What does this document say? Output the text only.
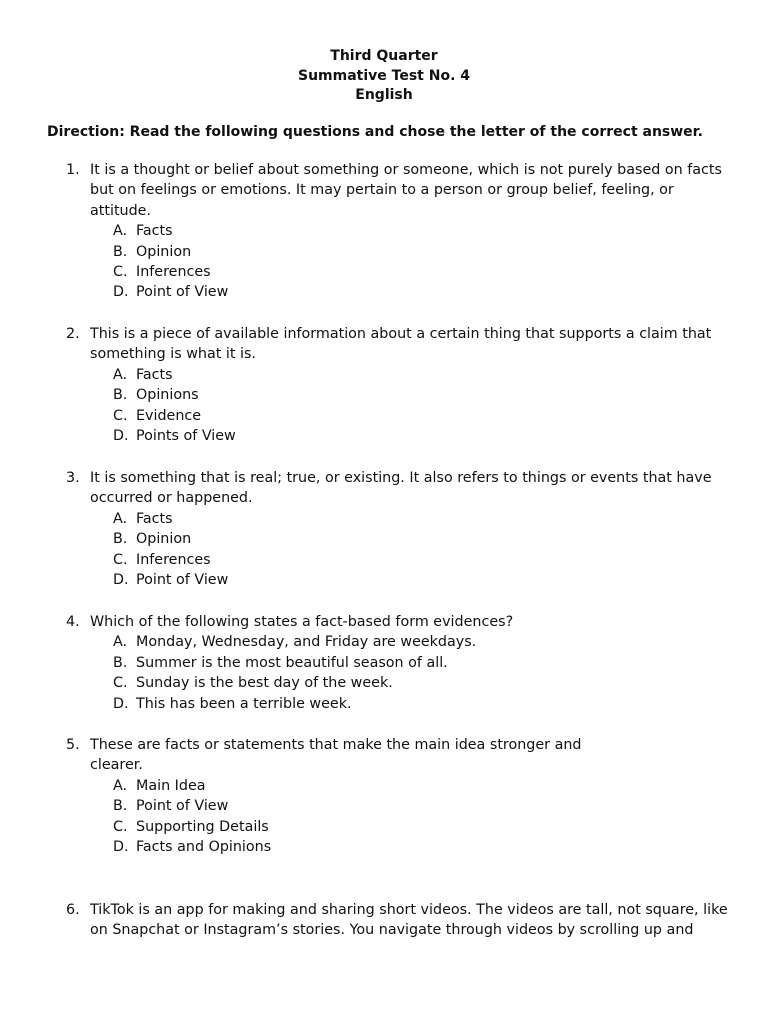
Third Quarter
Summative Test No. 4
English
Direction: Read the following questions and chose the letter of the correct answer.
1. It is a thought or belief about something or someone, which is not purely based on facts but on feelings or emotions. It may pertain to a person or group belief, feeling, or attitude.
A. Facts
B. Opinion
C. Inferences
D. Point of View
2. This is a piece of available information about a certain thing that supports a claim that something is what it is.
A. Facts
B. Opinions
C. Evidence
D. Points of View
3. It is something that is real; true, or existing. It also refers to things or events that have occurred or happened.
A. Facts
B. Opinion
C. Inferences
D. Point of View
4. Which of the following states a fact-based form evidences?
A. Monday, Wednesday, and Friday are weekdays.
B. Summer is the most beautiful season of all.
C. Sunday is the best day of the week.
D. This has been a terrible week.
5. These are facts or statements that make the main idea stronger and clearer.
A. Main Idea
B. Point of View
C. Supporting Details
D. Facts and Opinions
6. TikTok is an app for making and sharing short videos. The videos are tall, not square, like on Snapchat or Instagram’s stories. You navigate through videos by scrolling up and
